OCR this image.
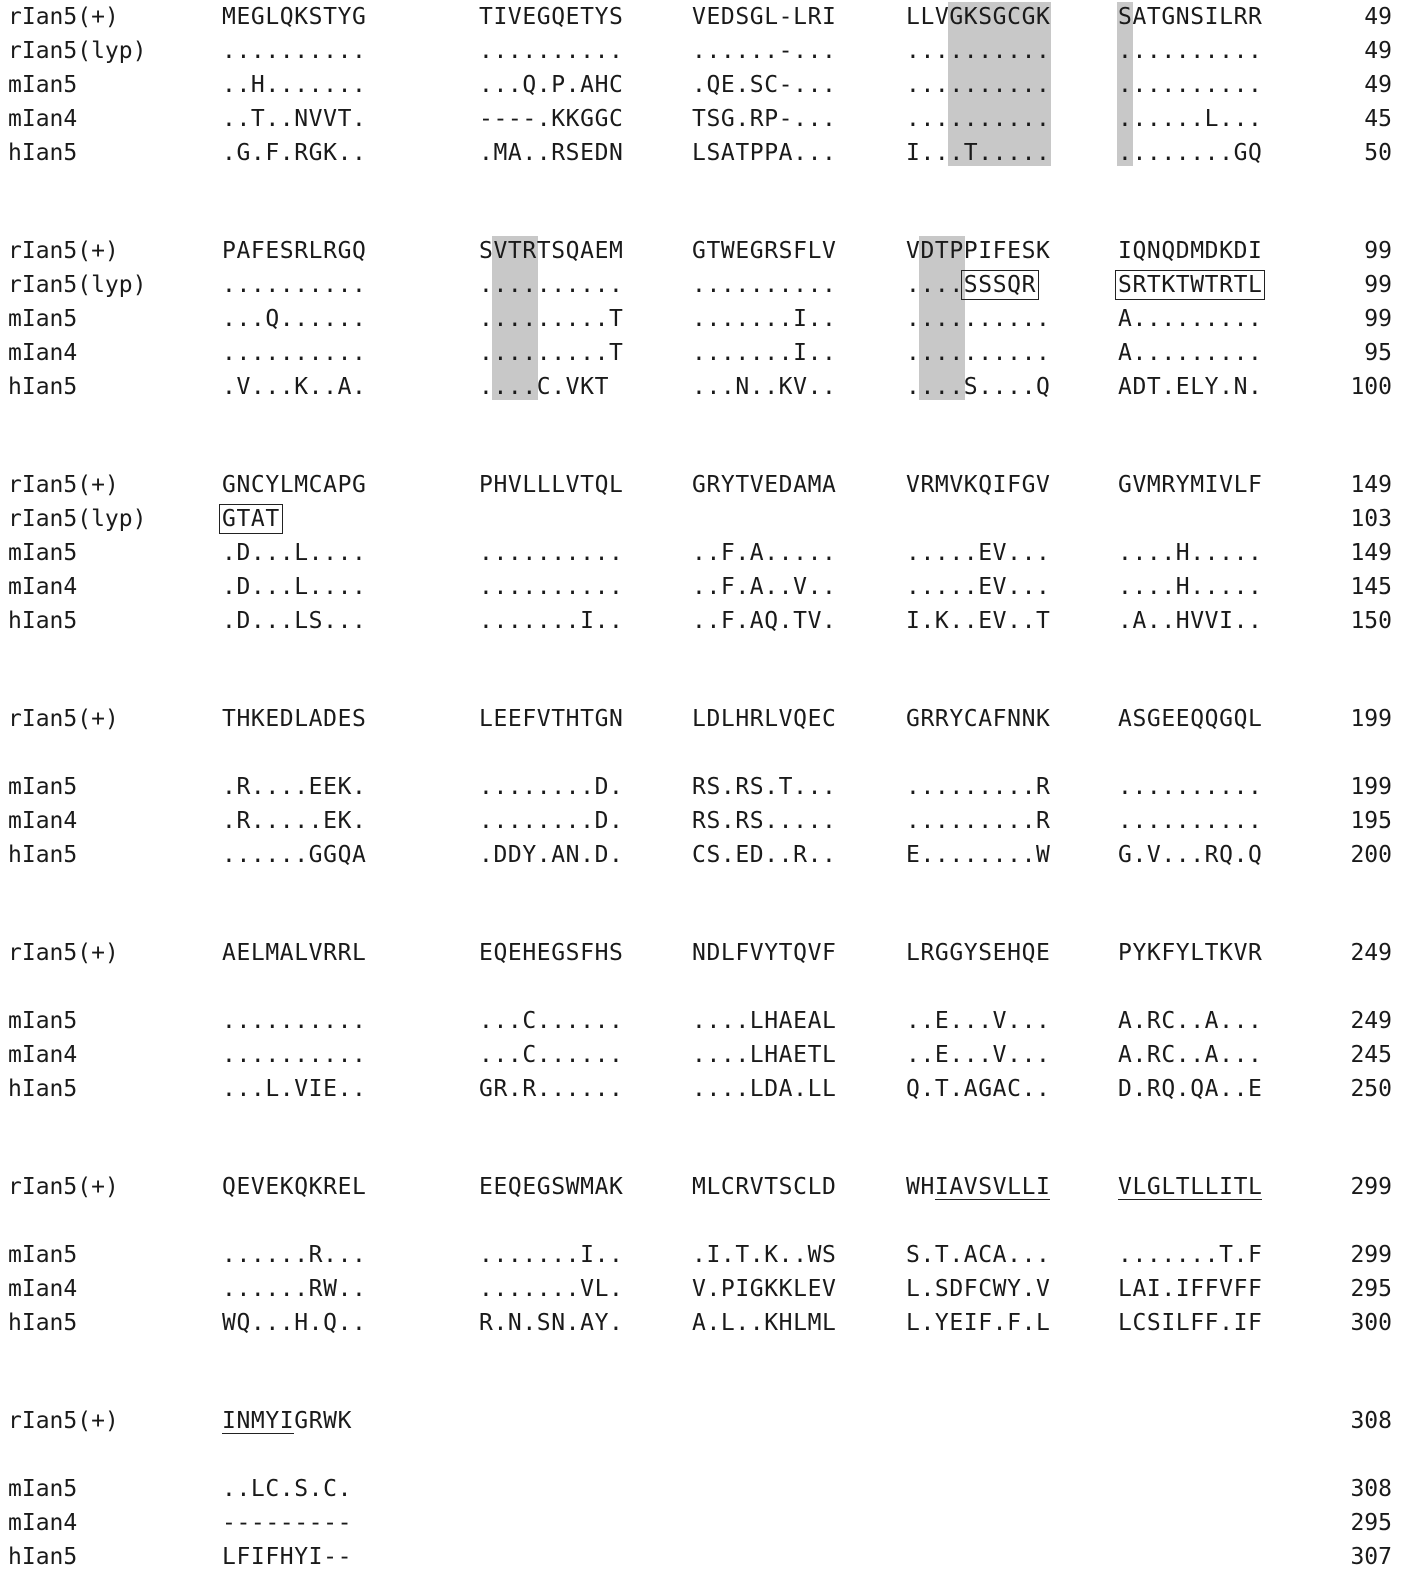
rIan5(+)	MEGLQKSTYG	TIVEGQETYS	VEDSGL-LRI	LLVGKSGCGK	SATGNSILRR	49
rIan5(lyp)	..........	..........	......-...	..........	..........	49
mIan5	..H.......	...Q.P.AHC	.QE.SC-...	..........	..........	49
mIan4	..T..NVVT.	----.KKGGC	TSG.RP-...	..........	......L...	45
hIan5	.G.F.RGK..	.MA..RSEDN	LSATPPA...	I...T.....	........GQ	50
rIan5(+)	PAFESRLRGQ	SVTRTSQAEM	GTWEGRSFLV	VDTPPIFESK	IQNQDMDKDI	99
rIan5(lyp)	..........	..........	..........	....SSSQR	SRTKTWTRTL	99
mIan5	...Q......	.........T	.......I..	..........	A.........	99
mIan4	..........	.........T	.......I..	..........	A.........	95
hIan5	.V...K..A.	....C.VKT	...N..KV..	....S....Q	ADT.ELY.N.	100
rIan5(+)	GNCYLMCAPG	PHVLLLVTQL	GRYTVEDAMA	VRMVKQIFGV	GVMRYMIVLF	149
rIan5(lyp)	GTAT	103
mIan5	.D...L....	..........	..F.A.....	.....EV...	....H.....	149
mIan4	.D...L....	..........	..F.A..V..	.....EV...	....H.....	145
hIan5	.D...LS...	.......I..	..F.AQ.TV.	I.K..EV..T	.A..HVVI..	150
rIan5(+)	THKEDLADES	LEEFVTHTGN	LDLHRLVQEC	GRRYCAFNNK	ASGEEQQGQL	199
mIan5	.R....EEK.	........D.	RS.RS.T...	.........R	..........	199
mIan4	.R.....EK.	........D.	RS.RS.....	.........R	..........	195
hIan5	......GGQA	.DDY.AN.D.	CS.ED..R..	E........W	G.V...RQ.Q	200
rIan5(+)	AELMALVRRL	EQEHEGSFHS	NDLFVYTQVF	LRGGYSEHQE	PYKFYLTKVR	249
mIan5	..........	...C......	....LHAEAL	..E...V...	A.RC..A...	249
mIan4	..........	...C......	....LHAETL	..E...V...	A.RC..A...	245
hIan5	...L.VIE..	GR.R......	....LDA.LL	Q.T.AGAC..	D.RQ.QA..E	250
rIan5(+)	QEVEKQKREL	EEQEGSWMAK	MLCRVTSCLD	WHIAVSVLLI	VLGLTLLITL	299
mIan5	......R...	.......I..	.I.T.K..WS	S.T.ACA...	.......T.F	299
mIan4	......RW..	.......VL.	V.PIGKKLEV	L.SDFCWY.V	LAI.IFFVFF	295
hIan5	WQ...H.Q..	R.N.SN.AY.	A.L..KHLML	L.YEIF.F.L	LCSILFF.IF	300
rIan5(+)	INMYIGRWK	308
mIan5	..LC.S.C.	308
mIan4	---------	295
hIan5	LFIFHYI--	307
